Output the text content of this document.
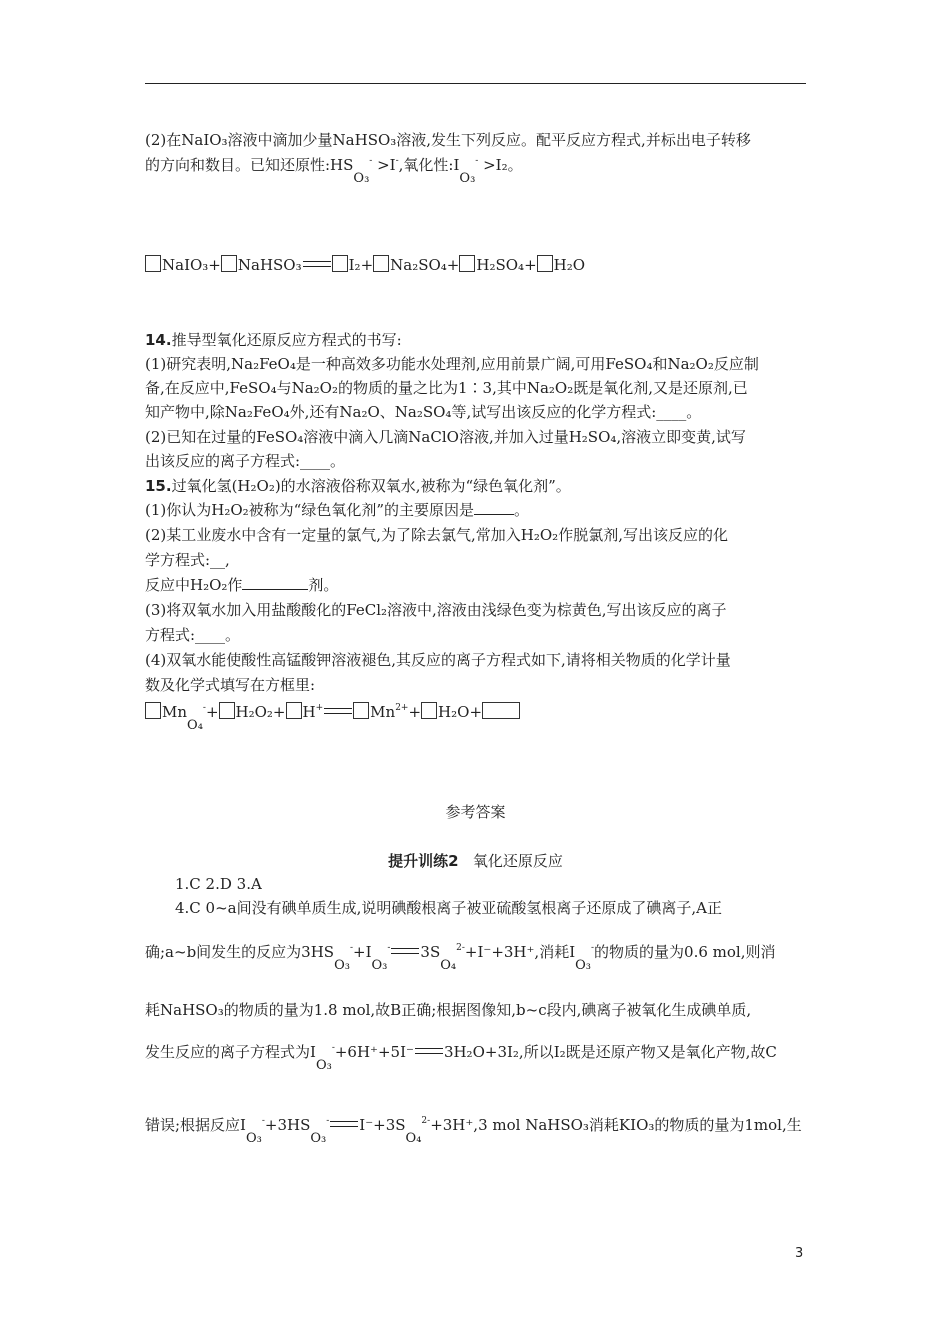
(2)在NaIO₃溶液中滴加少量NaHSO₃溶液,发生下列反应。配平反应方程式,并标出电子转移
的方向和数目。已知还原性:HSO₃- >I-,氧化性:IO₃- >I₂。
NaIO₃+ NaHSO₃	I₂+ Na₂SO₄+ H₂SO₄+ H₂O
14.推导型氧化还原反应方程式的书写:
(1)研究表明,Na₂FeO₄是一种高效多功能水处理剂,应用前景广阔,可用FeSO₄和Na₂O₂反应制
备,在反应中,FeSO₄与Na₂O₂的物质的量之比为1∶3,其中Na₂O₂既是氧化剂,又是还原剂,已
知产物中,除Na₂FeO₄外,还有Na₂O、Na₂SO₄等,试写出该反应的化学方程式:____。
(2)已知在过量的FeSO₄溶液中滴入几滴NaClO溶液,并加入过量H₂SO₄,溶液立即变黄,试写
出该反应的离子方程式:____。
15.过氧化氢(H₂O₂)的水溶液俗称双氧水,被称为“绿色氧化剂”。
(1)你认为H₂O₂被称为“绿色氧化剂”的主要原因是	。
(2)某工业废水中含有一定量的氯气,为了除去氯气,常加入H₂O₂作脱氯剂,写出该反应的化
学方程式:__,
反应中H₂O₂作	剂。
(3)将双氧水加入用盐酸酸化的FeCl₂溶液中,溶液由浅绿色变为棕黄色,写出该反应的离子
方程式:____。
(4)双氧水能使酸性高锰酸钾溶液褪色,其反应的离子方程式如下,请将相关物质的化学计量
数及化学式填写在方框里:
MnO₄-+ H₂O₂+ H+	$Mn^{2+}+ H_2O+$
参考答案
提升训练2 氧化还原反应
1.C 2.D 3.A
4.C 0~a间没有碘单质生成,说明碘酸根离子被亚硫酸氢根离子还原成了碘离子,A正
确;a~b间发生的反应为3HSO₃-+IO₃- 3SO₄$^{2-}$+I⁻+3H⁺,消耗IO₃-的物质的量为0.6 mol,则消
耗NaHSO₃的物质的量为1.8 mol,故B正确;根据图像知,b~c段内,碘离子被氧化生成碘单质,
发生反应的离子方程式为IO₃-+6H⁺+5I⁻ 3H₂O+3I₂,所以I₂既是还原产物又是氧化产物,故C
错误;根据反应IO₃-+3HSO₃- I⁻+3SO₄$^{2-}$+3H⁺,3 mol NaHSO₃消耗KIO₃的物质的量为1mol,生
3
